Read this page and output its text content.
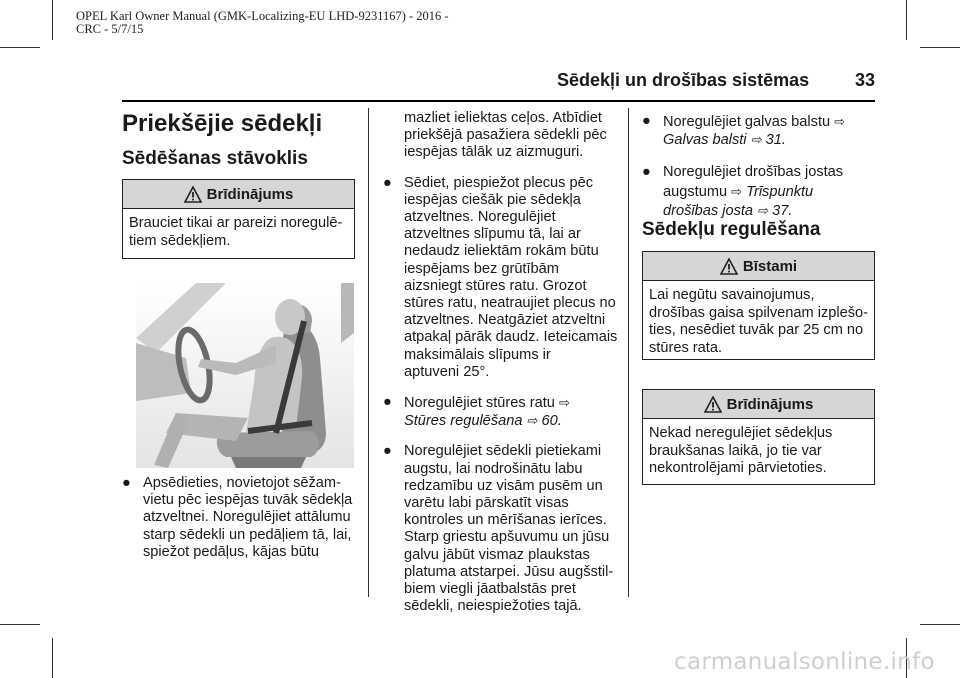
OPEL Karl Owner Manual (GMK-Localizing-EU LHD-9231167) - 2016 -
CRC - 5/7/15
Sēdekļi un drošības sistēmas	33
Priekšējie sēdekļi
Sēdēšanas stāvoklis
Brīdinājums
Brauciet tikai ar pareizi noregulē-
tiem sēdekļiem.
● Apsēdieties, novietojot sēžam-
vietu pēc iespējas tuvāk sēdekļa
atzveltnei. Noregulējiet attālumu
starp sēdekli un pedāļiem tā, lai,
spiežot pedāļus, kājas būtu
mazliet ieliektas ceļos. Atbīdiet
priekšējā pasažiera sēdekli pēc
iespējas tālāk uz aizmuguri.
● Sēdiet, piespiežot plecus pēc
iespējas ciešāk pie sēdekļa
atzveltnes. Noregulējiet
atzveltnes slīpumu tā, lai ar
nedaudz ieliektām rokām būtu
iespējams bez grūtībām
aizsniegt stūres ratu. Grozot
stūres ratu, neatraujiet plecus no
atzveltnes. Neatgāziet atzveltni
atpakaļ pārāk daudz. Ieteicamais
maksimālais slīpums ir
aptuveni 25°.
● Noregulējiet stūres ratu ⇨
Stūres regulēšana ⇨ 60.
● Noregulējiet sēdekli pietiekami
augstu, lai nodrošinātu labu
redzamību uz visām pusēm un
varētu labi pārskatīt visas
kontroles un mērīšanas ierīces.
Starp griestu apšuvumu un jūsu
galvu jābūt vismaz plaukstas
platuma atstarpei. Jūsu augšstil-
biem viegli jāatbalstās pret
sēdekli, neiespiežoties tajā.
● Noregulējiet galvas balstu ⇨
Galvas balsti ⇨ 31.
● Noregulējiet drošības jostas
augstumu ⇨ Trīspunktu
drošības josta ⇨ 37.
Sēdekļu regulēšana
Bīstami
Lai negūtu savainojumus,
drošības gaisa spilvenam izplešo-
ties, nesēdiet tuvāk par 25 cm no
stūres rata.
Brīdinājums
Nekad neregulējiet sēdekļus
braukšanas laikā, jo tie var
nekontrolējami pārvietoties.
carmanualsonline.info
